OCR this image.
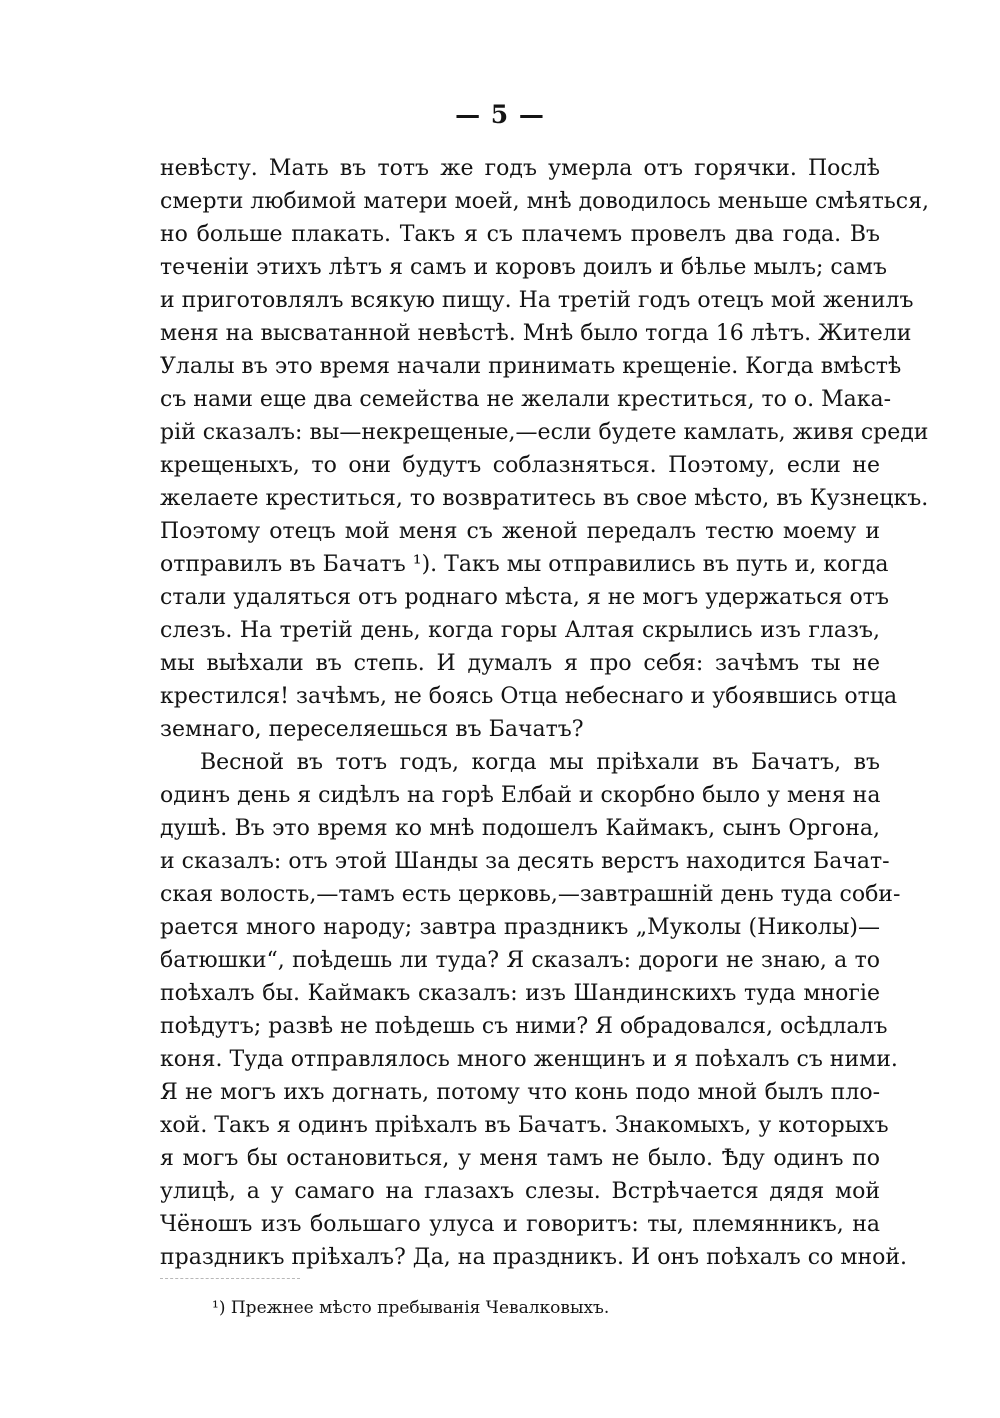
— 5 —
невѣсту. Мать въ тотъ же годъ умерла отъ горячки. Послѣ
смерти любимой матери моей, мнѣ доводилось меньше смѣяться,
но больше плакать. Такъ я съ плачемъ провелъ два года. Въ
теченіи этихъ лѣтъ я самъ и коровъ доилъ и бѣлье мылъ; самъ
и приготовлялъ всякую пищу. На третій годъ отецъ мой женилъ
меня на высватанной невѣстѣ. Мнѣ было тогда 16 лѣтъ. Жители
Улалы въ это время начали принимать крещеніе. Когда вмѣстѣ
съ нами еще два семейства не желали креститься, то о. Мака-
рій сказалъ: вы—некрещеные,—если будете камлать, живя среди
крещеныхъ, то они будутъ соблазняться. Поэтому, если не
желаете креститься, то возвратитесь въ свое мѣсто, въ Кузнецкъ.
Поэтому отецъ мой меня съ женой передалъ тестю моему и
отправилъ въ Бачатъ ¹). Такъ мы отправились въ путь и, когда
стали удаляться отъ роднаго мѣста, я не могъ удержаться отъ
слезъ. На третій день, когда горы Алтая скрылись изъ глазъ,
мы выѣхали въ степь. И думалъ я про себя: зачѣмъ ты не
крестился! зачѣмъ, не боясь Отца небеснаго и убоявшись отца
земнаго, переселяешься въ Бачатъ?
Весной въ тотъ годъ, когда мы пріѣхали въ Бачатъ, въ
одинъ день я сидѣлъ на горѣ Елбай и скорбно было у меня на
душѣ. Въ это время ко мнѣ подошелъ Каймакъ, сынъ Оргона,
и сказалъ: отъ этой Шанды за десять верстъ находится Бачат-
ская волость,—тамъ есть церковь,—завтрашній день туда соби-
рается много народу; завтра праздникъ „Муколы (Николы)—
батюшки“, поѣдешь ли туда? Я сказалъ: дороги не знаю, а то
поѣхалъ бы. Каймакъ сказалъ: изъ Шандинскихъ туда многіе
поѣдутъ; развѣ не поѣдешь съ ними? Я обрадовался, осѣдлалъ
коня. Туда отправлялось много женщинъ и я поѣхалъ съ ними.
Я не могъ ихъ догнать, потому что конь подо мной былъ пло-
хой. Такъ я одинъ пріѣхалъ въ Бачатъ. Знакомыхъ, у которыхъ
я могъ бы остановиться, у меня тамъ не было. Ѣду одинъ по
улицѣ, а у самаго на глазахъ слезы. Встрѣчается дядя мой
Чёношъ изъ большаго улуса и говоритъ: ты, племянникъ, на
праздникъ пріѣхалъ? Да, на праздникъ. И онъ поѣхалъ со мной.
¹) Прежнее мѣсто пребыванія Чевалковыхъ.
